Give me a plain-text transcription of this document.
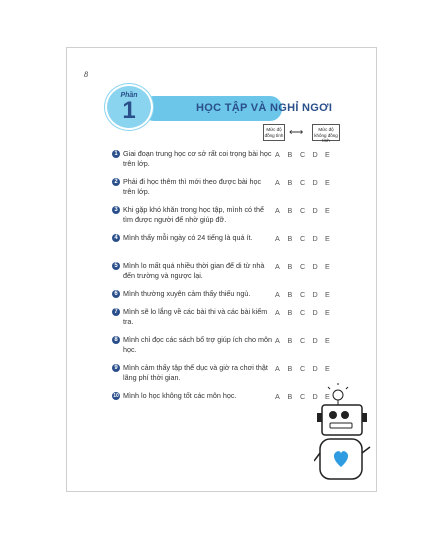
8
HỌC TẬP VÀ NGHỈ NGƠI
Phần
1
Mức độ đồng tình ⟷	Mức độ không đồng tình
1 Giai đoạn trung học cơ sở rất coi trọng bài học trên lớp.
A B C D E
2 Phải đi học thêm thì mới theo được bài học trên lớp.
A B C D E
3 Khi gặp khó khăn trong học tập, mình có thể tìm được người để nhờ giúp đỡ.
A B C D E
4 Mình thấy mỗi ngày có 24 tiếng là quá ít.	A B C D E
5 Mình lo mất quá nhiều thời gian để di từ nhà đến trường và ngược lại.
A B C D E
6 Mình thường xuyên cảm thấy thiếu ngủ.	A B C D E
7 Mình sẽ lo lắng về các bài thi và các bài kiểm tra.
A B C D E
8 Mình chỉ đọc các sách bổ trợ giúp ích cho môn học.
A B C D E
9 Mình cảm thấy tập thể dục và giờ ra chơi thật lãng phí thời gian.
A B C D E
10 Mình lo học không tốt các môn học.	A B C D E
